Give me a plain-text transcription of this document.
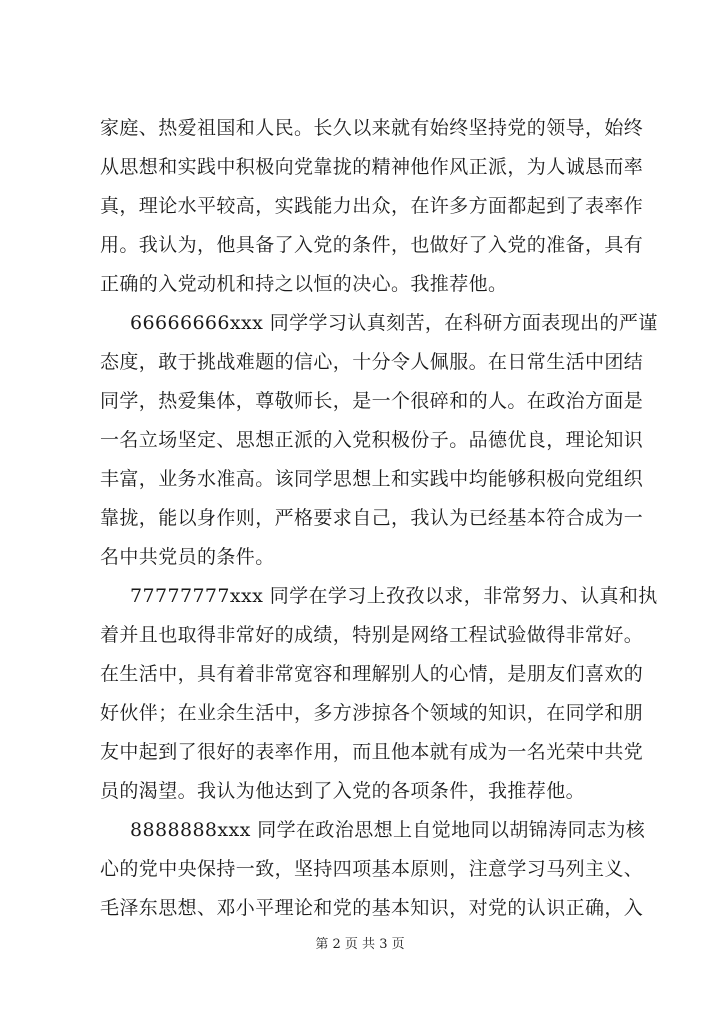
家庭、热爱祖国和人民。长久以来就有始终坚持党的领导，始终
从思想和实践中积极向党靠拢的精神他作风正派，为人诚恳而率
真，理论水平较高，实践能力出众，在许多方面都起到了表率作
用。我认为，他具备了入党的条件，也做好了入党的准备，具有
正确的入党动机和持之以恒的决心。我推荐他。
66666666xxx 同学学习认真刻苦，在科研方面表现出的严谨
态度，敢于挑战难题的信心，十分令人佩服。在日常生活中团结
同学，热爱集体，尊敬师长，是一个很碎和的人。在政治方面是
一名立场坚定、思想正派的入党积极份子。品德优良，理论知识
丰富，业务水准高。该同学思想上和实践中均能够积极向党组织
靠拢，能以身作则，严格要求自己，我认为已经基本符合成为一
名中共党员的条件。
77777777xxx 同学在学习上孜孜以求，非常努力、认真和执
着并且也取得非常好的成绩，特别是网络工程试验做得非常好。
在生活中，具有着非常宽容和理解别人的心情，是朋友们喜欢的
好伙伴；在业余生活中，多方涉掠各个领域的知识，在同学和朋
友中起到了很好的表率作用，而且他本就有成为一名光荣中共党
员的渴望。我认为他达到了入党的各项条件，我推荐他。
8888888xxx 同学在政治思想上自觉地同以胡锦涛同志为核
心的党中央保持一致，坚持四项基本原则，注意学习马列主义、
毛泽东思想、邓小平理论和党的基本知识，对党的认识正确，入
第 2 页 共 3 页
